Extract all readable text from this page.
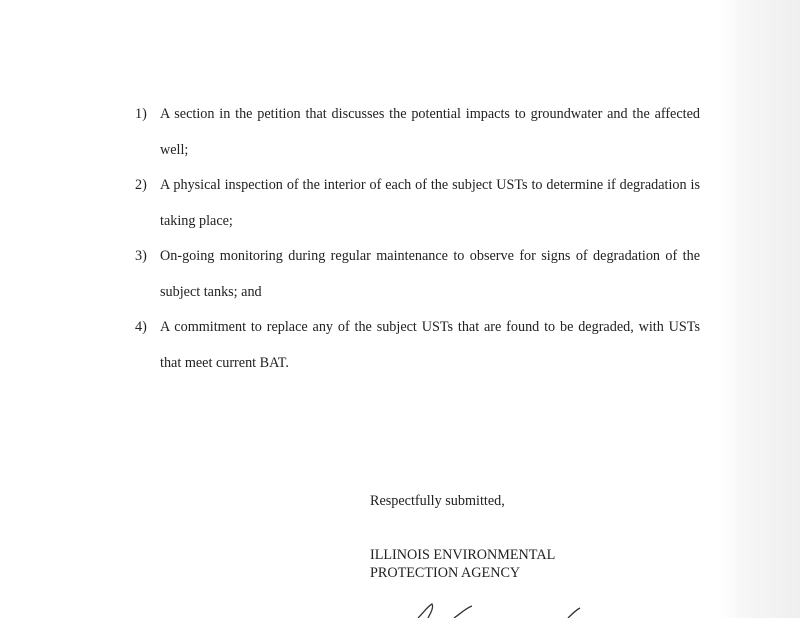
1) A section in the petition that discusses the potential impacts to groundwater and the affected well;
2) A physical inspection of the interior of each of the subject USTs to determine if degradation is taking place;
3) On-going monitoring during regular maintenance to observe for signs of degradation of the subject tanks; and
4) A commitment to replace any of the subject USTs that are found to be degraded, with USTs that meet current BAT.
Respectfully submitted,
ILLINOIS ENVIRONMENTAL
PROTECTION AGENCY
